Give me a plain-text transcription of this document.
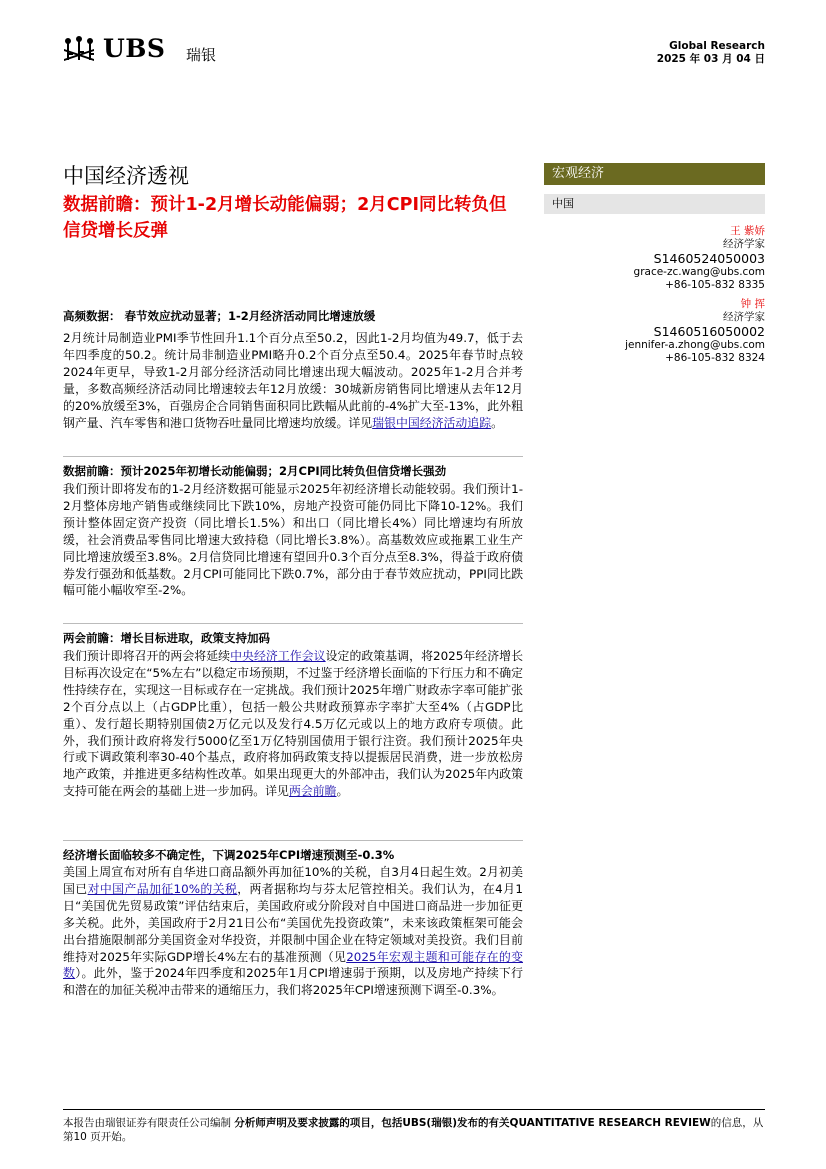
UBS 瑞银	Global Research
2025 年 03 月 04 日
中国经济透视
数据前瞻：预计1-2月增长动能偏弱；2月CPI同比转负但信贷增长反弹
宏观经济
中国
王 紫娇
经济学家
S1460524050003
grace-zc.wang@ubs.com
+86-105-832 8335
钟 挥
经济学家
S1460516050002
jennifer-a.zhong@ubs.com
+86-105-832 8324
高频数据： 春节效应扰动显著；1-2月经济活动同比增速放缓
2月统计局制造业PMI季节性回升1.1个百分点至50.2，因此1-2月均值为49.7，低于去年四季度的50.2。统计局非制造业PMI略升0.2个百分点至50.4。2025年春节时点较2024年更早，导致1-2月部分经济活动同比增速出现大幅波动。2025年1-2月合并考量，多数高频经济活动同比增速较去年12月放缓：30城新房销售同比增速从去年12月的20%放缓至3%，百强房企合同销售面积同比跌幅从此前的-4%扩大至-13%，此外粗钢产量、汽车零售和港口货物吞吐量同比增速均放缓。详见瑞银中国经济活动追踪。
数据前瞻：预计2025年初增长动能偏弱；2月CPI同比转负但信贷增长强劲
我们预计即将发布的1-2月经济数据可能显示2025年初经济增长动能较弱。我们预计1-2月整体房地产销售或继续同比下跌10%，房地产投资可能仍同比下降10-12%。我们预计整体固定资产投资（同比增长1.5%）和出口（同比增长4%）同比增速均有所放缓，社会消费品零售同比增速大致持稳（同比增长3.8%）。高基数效应或拖累工业生产同比增速放缓至3.8%。2月信贷同比增速有望回升0.3个百分点至8.3%，得益于政府债券发行强劲和低基数。2月CPI可能同比下跌0.7%，部分由于春节效应扰动，PPI同比跌幅可能小幅收窄至-2%。
两会前瞻：增长目标进取，政策支持加码
我们预计即将召开的两会将延续中央经济工作会议设定的政策基调，将2025年经济增长目标再次设定在“5%左右”以稳定市场预期，不过鉴于经济增长面临的下行压力和不确定性持续存在，实现这一目标或存在一定挑战。我们预计2025年增广财政赤字率可能扩张2个百分点以上（占GDP比重），包括一般公共财政预算赤字率扩大至4%（占GDP比重）、发行超长期特别国债2万亿元以及发行4.5万亿元或以上的地方政府专项债。此外，我们预计政府将发行5000亿至1万亿特别国债用于银行注资。我们预计2025年央行或下调政策利率30-40个基点，政府将加码政策支持以提振居民消费，进一步放松房地产政策，并推进更多结构性改革。如果出现更大的外部冲击，我们认为2025年内政策支持可能在两会的基础上进一步加码。详见两会前瞻。
经济增长面临较多不确定性，下调2025年CPI增速预测至-0.3%
美国上周宣布对所有自华进口商品额外再加征10%的关税，自3月4日起生效。2月初美国已对中国产品加征10%的关税，两者据称均与芬太尼管控相关。我们认为，在4月1日“美国优先贸易政策”评估结束后，美国政府或分阶段对自中国进口商品进一步加征更多关税。此外，美国政府于2月21日公布“美国优先投资政策”，未来该政策框架可能会出台措施限制部分美国资金对华投资，并限制中国企业在特定领域对美投资。我们目前维持对2025年实际GDP增长4%左右的基准预测（见2025年宏观主题和可能存在的变数）。此外，鉴于2024年四季度和2025年1月CPI增速弱于预期，以及房地产持续下行和潜在的加征关税冲击带来的通缩压力，我们将2025年CPI增速预测下调至-0.3%。
本报告由瑞银证券有限责任公司编制 分析师声明及要求披露的项目，包括UBS(瑞银)发布的有关QUANTITATIVE RESEARCH REVIEW的信息，从第10 页开始。
